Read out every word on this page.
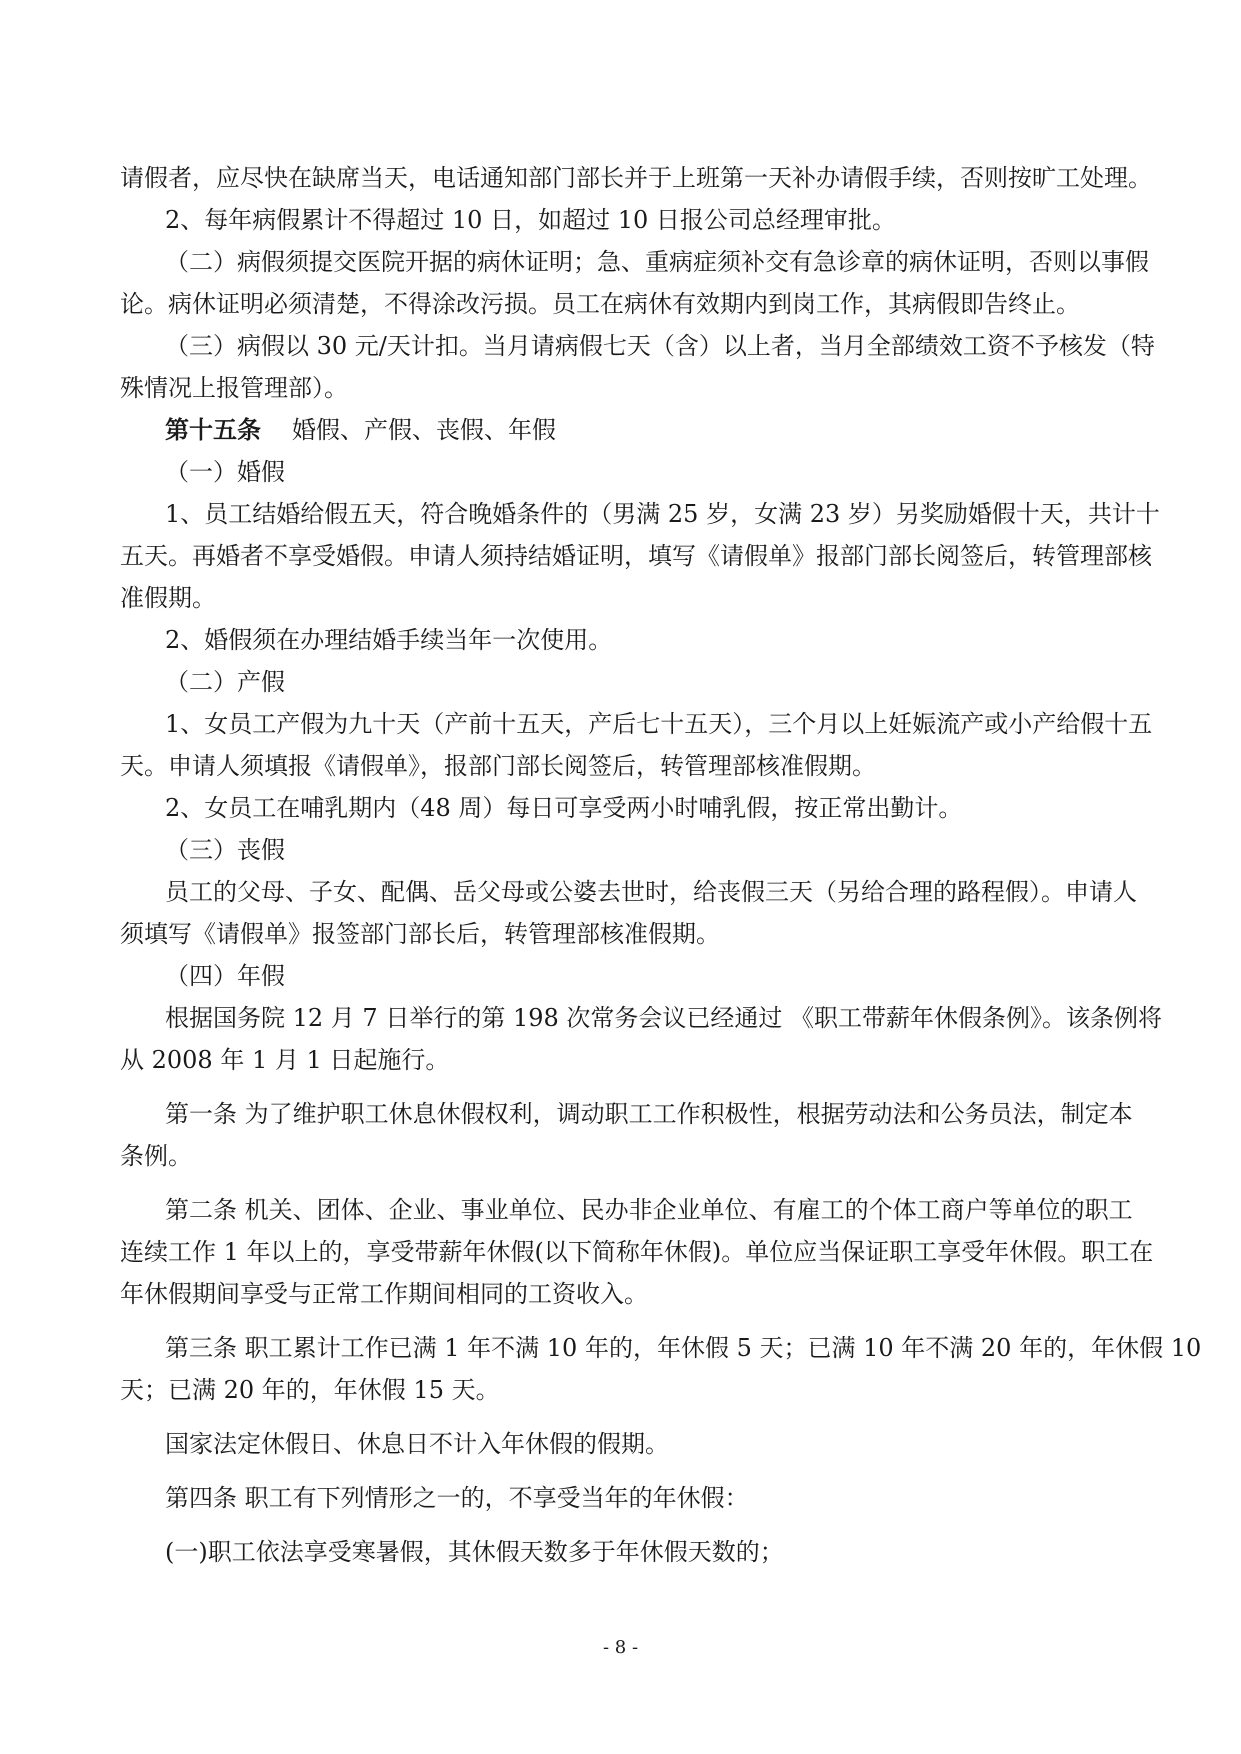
请假者，应尽快在缺席当天，电话通知部门部长并于上班第一天补办请假手续，否则按旷工处理。
2、每年病假累计不得超过 10 日，如超过 10 日报公司总经理审批。
（二）病假须提交医院开据的病休证明；急、重病症须补交有急诊章的病休证明，否则以事假
论。病休证明必须清楚，不得涂改污损。员工在病休有效期内到岗工作，其病假即告终止。
（三）病假以 30 元/天计扣。当月请病假七天（含）以上者，当月全部绩效工资不予核发（特
殊情况上报管理部）。
第十五条 婚假、产假、丧假、年假
（一）婚假
1、员工结婚给假五天，符合晚婚条件的（男满 25 岁，女满 23 岁）另奖励婚假十天，共计十
五天。再婚者不享受婚假。申请人须持结婚证明，填写《请假单》报部门部长阅签后，转管理部核
准假期。
2、婚假须在办理结婚手续当年一次使用。
（二）产假
1、女员工产假为九十天（产前十五天，产后七十五天），三个月以上妊娠流产或小产给假十五
天。申请人须填报《请假单》，报部门部长阅签后，转管理部核准假期。
2、女员工在哺乳期内（48 周）每日可享受两小时哺乳假，按正常出勤计。
（三）丧假
员工的父母、子女、配偶、岳父母或公婆去世时，给丧假三天（另给合理的路程假）。申请人
须填写《请假单》报签部门部长后，转管理部核准假期。
（四）年假
根据国务院 12 月 7 日举行的第 198 次常务会议已经通过 《职工带薪年休假条例》。该条例将
从 2008 年 1 月 1 日起施行。
第一条 为了维护职工休息休假权利，调动职工工作积极性，根据劳动法和公务员法，制定本
条例。
第二条 机关、团体、企业、事业单位、民办非企业单位、有雇工的个体工商户等单位的职工
连续工作 1 年以上的，享受带薪年休假(以下简称年休假)。单位应当保证职工享受年休假。职工在
年休假期间享受与正常工作期间相同的工资收入。
第三条 职工累计工作已满 1 年不满 10 年的，年休假 5 天；已满 10 年不满 20 年的，年休假 10
天；已满 20 年的，年休假 15 天。
国家法定休假日、休息日不计入年休假的假期。
第四条 职工有下列情形之一的，不享受当年的年休假：
(一)职工依法享受寒暑假，其休假天数多于年休假天数的；
- 8 -
